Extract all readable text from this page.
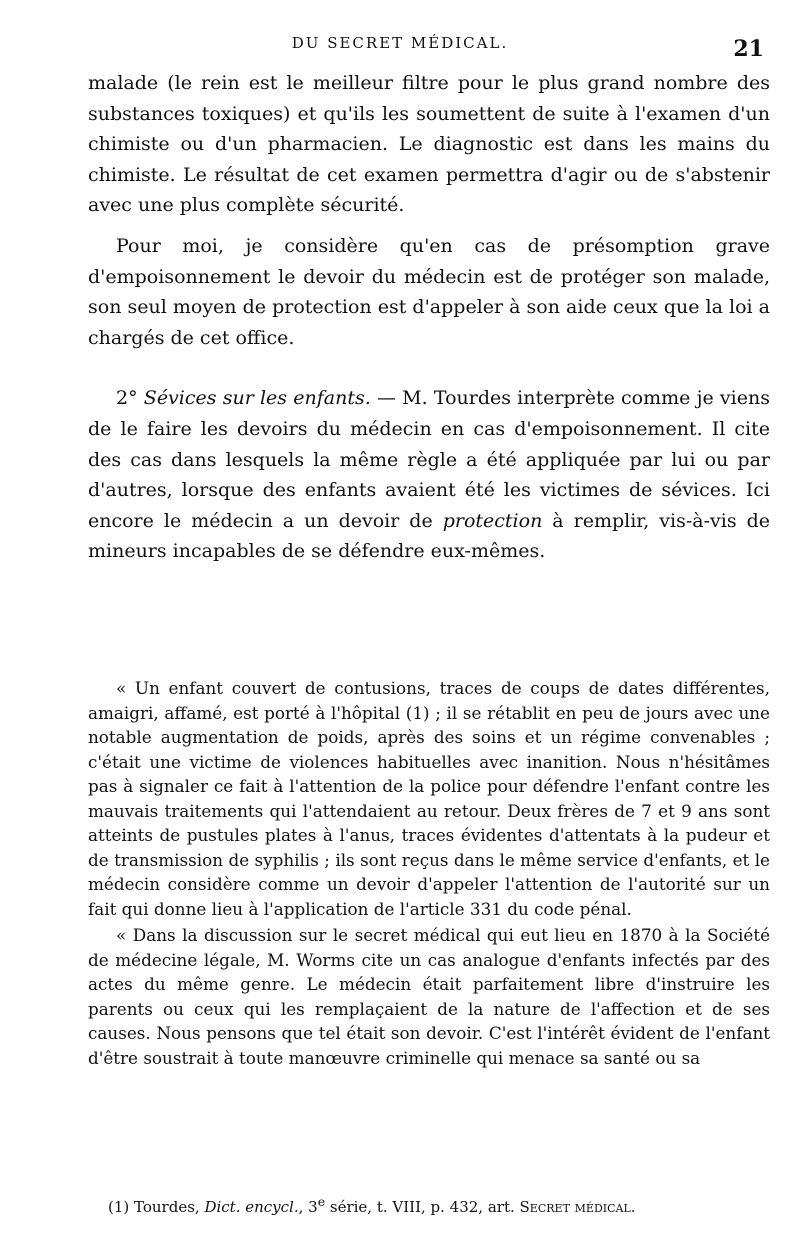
DU SECRET MÉDICAL.	21

malade (le rein est le meilleur filtre pour le plus grand nombre des substances toxiques) et qu'ils les soumettent de suite à l'examen d'un chimiste ou d'un pharmacien. Le diagnostic est dans les mains du chimiste. Le résultat de cet examen permettra d'agir ou de s'abstenir avec une plus complète sécurité.

Pour moi, je considère qu'en cas de présomption grave d'empoisonnement le devoir du médecin est de protéger son malade, son seul moyen de protection est d'appeler à son aide ceux que la loi a chargés de cet office.

2° Sévices sur les enfants. — M. Tourdes interprète comme je viens de le faire les devoirs du médecin en cas d'empoisonnement. Il cite des cas dans lesquels la même règle a été appliquée par lui ou par d'autres, lorsque des enfants avaient été les victimes de sévices. Ici encore le médecin a un devoir de protection à remplir, vis-à-vis de mineurs incapables de se défendre eux-mêmes.

« Un enfant couvert de contusions, traces de coups de dates différentes, amaigri, affamé, est porté à l'hôpital (1) ; il se rétablit en peu de jours avec une notable augmentation de poids, après des soins et un régime convenables ; c'était une victime de violences habituelles avec inanition. Nous n'hésitâmes pas à signaler ce fait à l'attention de la police pour défendre l'enfant contre les mauvais traitements qui l'attendaient au retour. Deux frères de 7 et 9 ans sont atteints de pustules plates à l'anus, traces évidentes d'attentats à la pudeur et de transmission de syphilis ; ils sont reçus dans le même service d'enfants, et le médecin considère comme un devoir d'appeler l'attention de l'autorité sur un fait qui donne lieu à l'application de l'article 331 du code pénal.

« Dans la discussion sur le secret médical qui eut lieu en 1870 à la Société de médecine légale, M. Worms cite un cas analogue d'enfants infectés par des actes du même genre. Le médecin était parfaitement libre d'instruire les parents ou ceux qui les remplaçaient de la nature de l'affection et de ses causes. Nous pensons que tel était son devoir. C'est l'intérêt évident de l'enfant d'être soustrait à toute manœuvre criminelle qui menace sa santé ou sa

(1) Tourdes, Dict. encycl., 3e série, t. VIII, p. 432, art. Secret médical.
